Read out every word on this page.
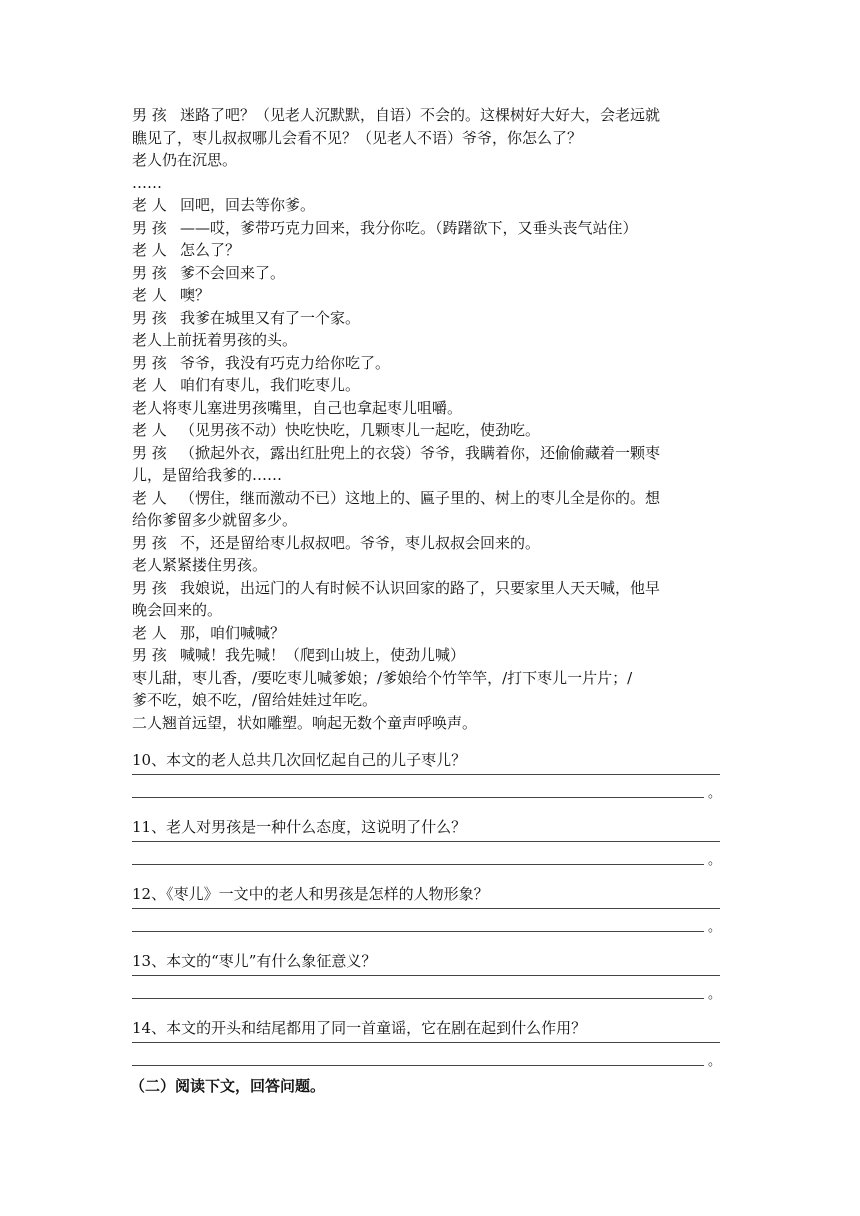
男 孩 迷路了吧？（见老人沉默默，自语）不会的。这棵树好大好大，会老远就
瞧见了，枣儿叔叔哪儿会看不见？（见老人不语）爷爷，你怎么了？
老人仍在沉思。
……
老 人 回吧，回去等你爹。
男 孩 ——哎，爹带巧克力回来，我分你吃。（踌躇欲下，又垂头丧气站住）
老 人 怎么了？
男 孩 爹不会回来了。
老 人 噢？
男 孩 我爹在城里又有了一个家。
老人上前抚着男孩的头。
男 孩 爷爷，我没有巧克力给你吃了。
老 人 咱们有枣儿，我们吃枣儿。
老人将枣儿塞进男孩嘴里，自己也拿起枣儿咀嚼。
老 人 （见男孩不动）快吃快吃，几颗枣儿一起吃，使劲吃。
男 孩 （掀起外衣，露出红肚兜上的衣袋）爷爷，我瞒着你，还偷偷藏着一颗枣
儿，是留给我爹的……
老 人 （愣住，继而激动不已）这地上的、匾子里的、树上的枣儿全是你的。想
给你爹留多少就留多少。
男 孩 不，还是留给枣儿叔叔吧。爷爷，枣儿叔叔会回来的。
老人紧紧搂住男孩。
男 孩 我娘说，出远门的人有时候不认识回家的路了，只要家里人天天喊，他早
晚会回来的。
老 人 那，咱们喊喊？
男 孩 喊喊！我先喊！（爬到山坡上，使劲儿喊）
枣儿甜，枣儿香，/要吃枣儿喊爹娘；/爹娘给个竹竿竿，/打下枣儿一片片；/
爹不吃，娘不吃，/留给娃娃过年吃。
二人翘首远望，状如雕塑。响起无数个童声呼唤声。
10、本文的老人总共几次回忆起自己的儿子枣儿？
。
11、老人对男孩是一种什么态度，这说明了什么？
。
12、《枣儿》一文中的老人和男孩是怎样的人物形象？
。
13、本文的“枣儿”有什么象征意义？
。
14、本文的开头和结尾都用了同一首童谣，它在剧在起到什么作用？
。
（二）阅读下文，回答问题。
